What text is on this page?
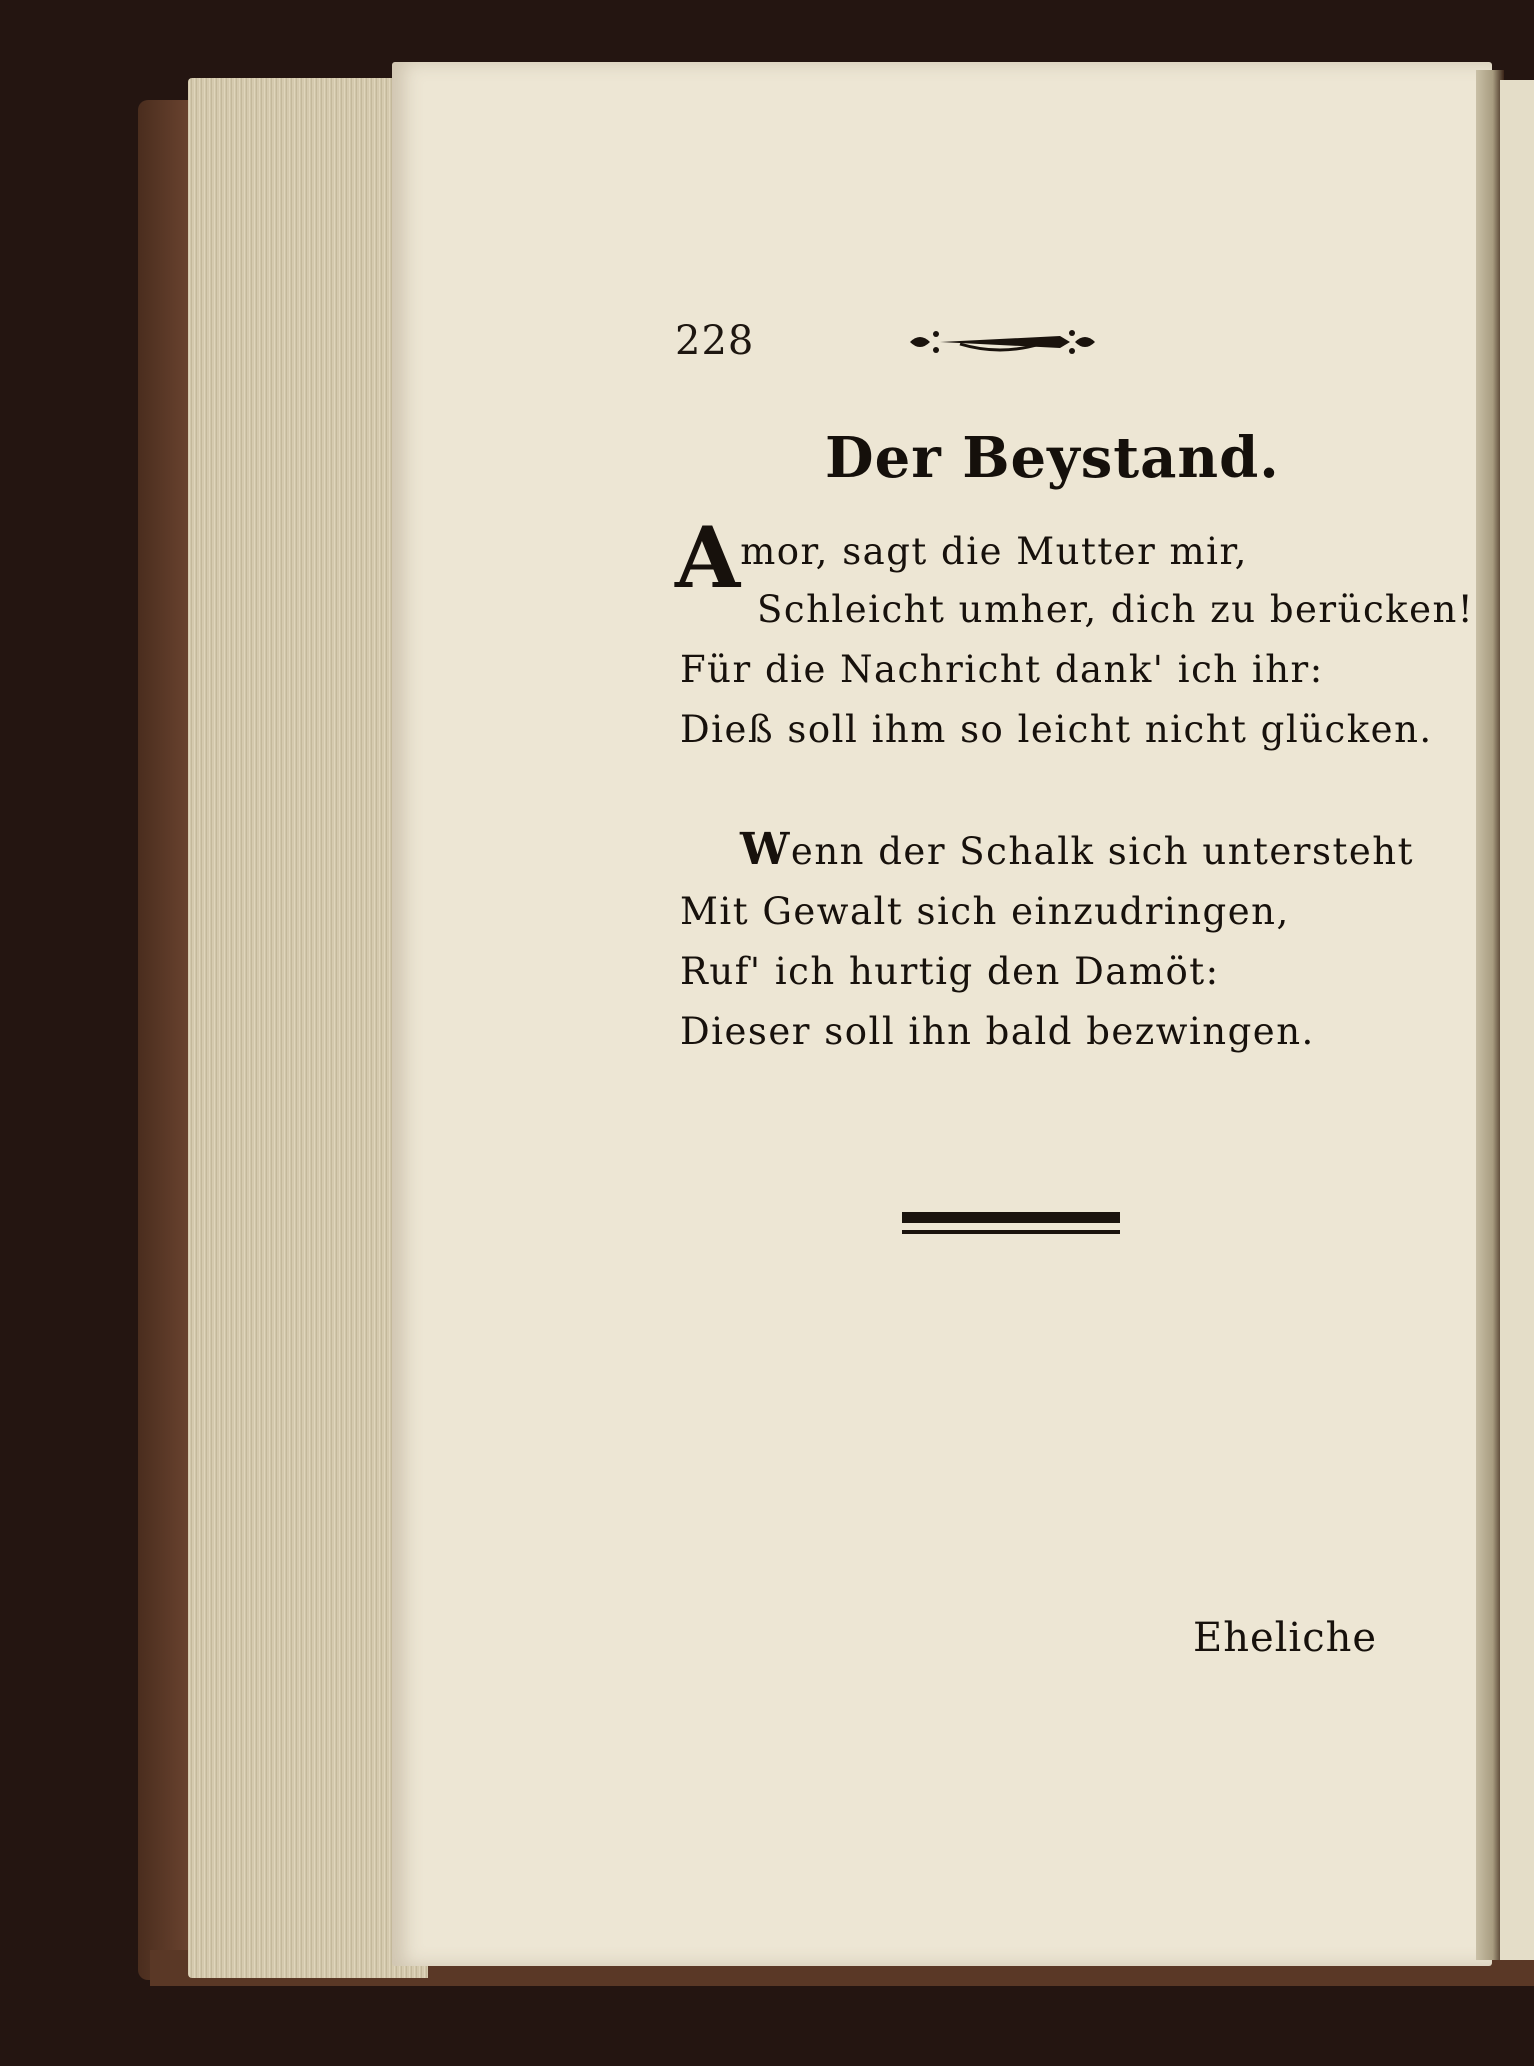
228
Der Beystand.
Amor, sagt die Mutter mir,
Schleicht umher, dich zu berücken!
Für die Nachricht dank' ich ihr:
Dieß soll ihm so leicht nicht glücken.
Wenn der Schalk sich untersteht
Mit Gewalt sich einzudringen,
Ruf' ich hurtig den Damöt:
Dieser soll ihn bald bezwingen.
Eheliche
